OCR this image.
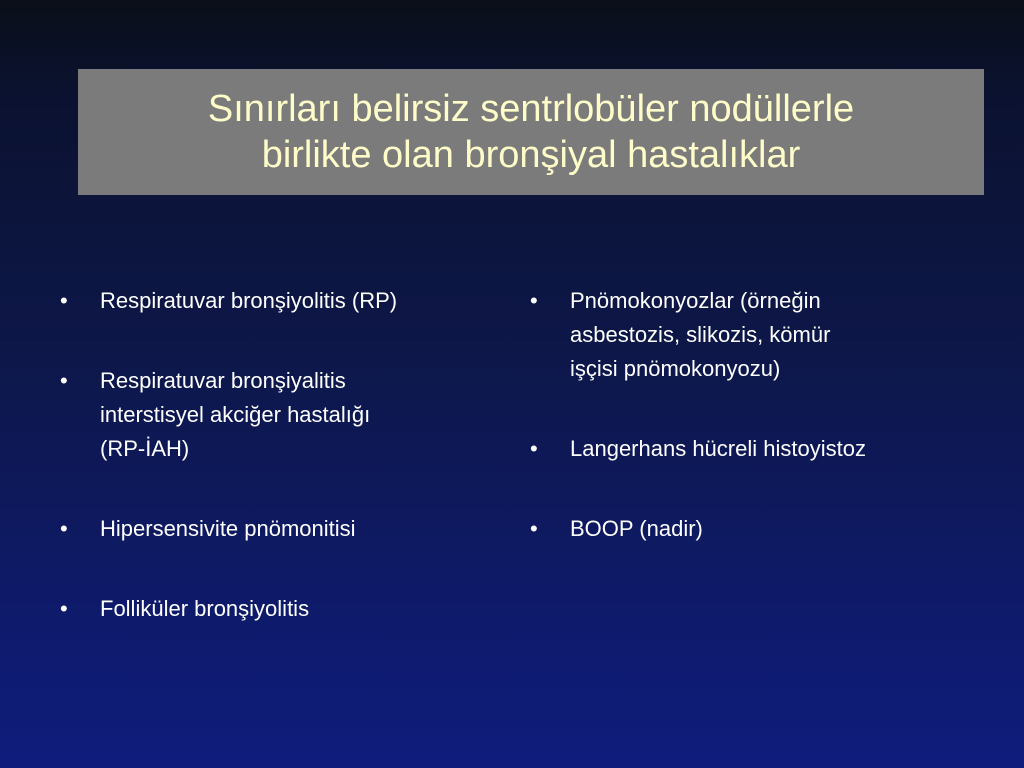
Sınırları belirsiz sentrlobüler nodüllerle
birlikte olan bronşiyal hastalıklar
•	Respiratuvar bronşiyolitis (RP)
•	Respiratuvar bronşiyalitis
interstisyel akciğer hastalığı
(RP-İAH)
•	Hipersensivite pnömonitisi
•	Folliküler bronşiyolitis
•	Pnömokonyozlar (örneğin
asbestozis, slikozis, kömür
işçisi pnömokonyozu)
•	Langerhans hücreli histoyistoz
•	BOOP (nadir)
